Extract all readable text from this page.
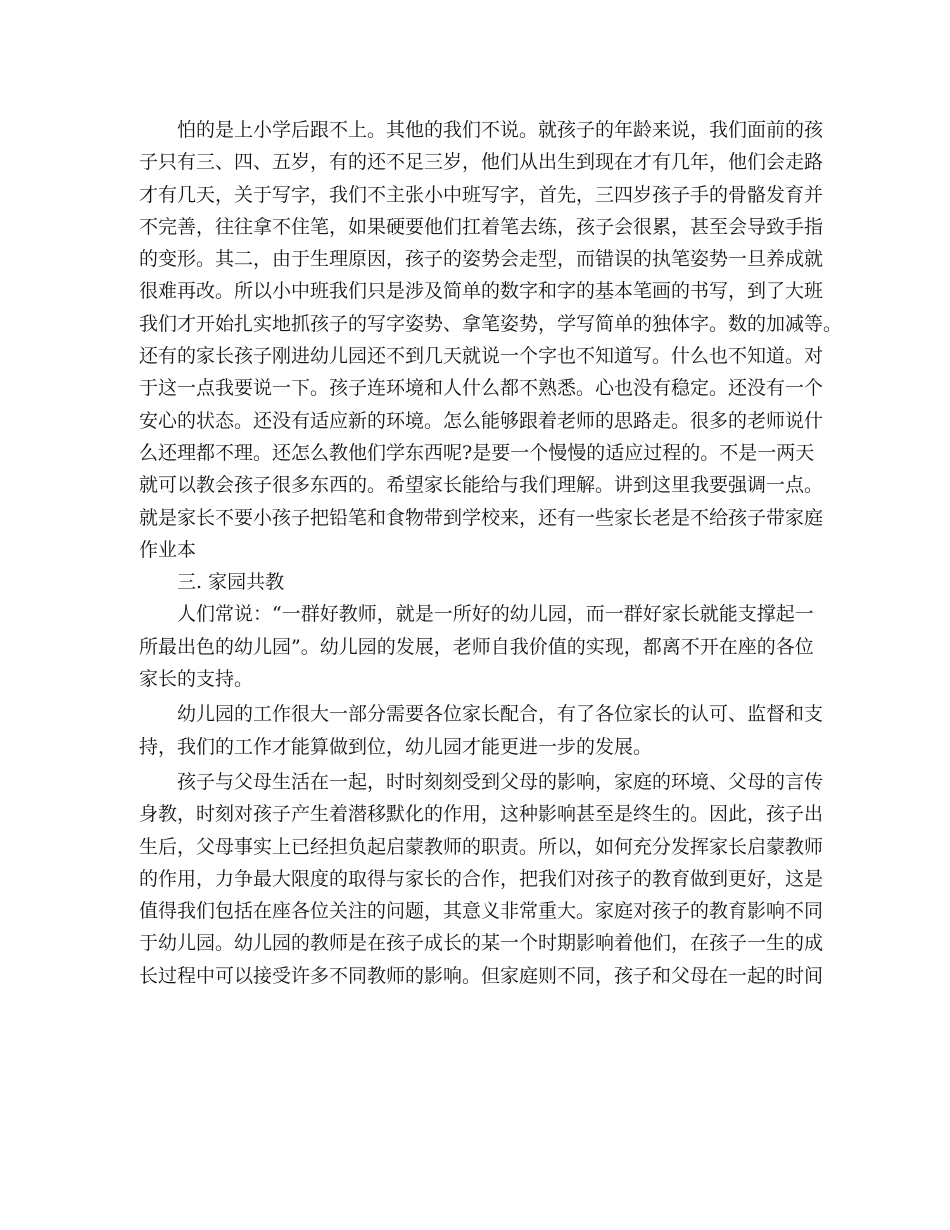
怕的是上小学后跟不上。其他的我们不说。就孩子的年龄来说，我们面前的孩
子只有三、四、五岁，有的还不足三岁，他们从出生到现在才有几年，他们会走路
才有几天，关于写字，我们不主张小中班写字，首先，三四岁孩子手的骨骼发育并
不完善，往往拿不住笔，如果硬要他们扛着笔去练，孩子会很累，甚至会导致手指
的变形。其二，由于生理原因，孩子的姿势会走型，而错误的执笔姿势一旦养成就
很难再改。所以小中班我们只是涉及简单的数字和字的基本笔画的书写，到了大班
我们才开始扎实地抓孩子的写字姿势、拿笔姿势，学写简单的独体字。数的加减等。
还有的家长孩子刚进幼儿园还不到几天就说一个字也不知道写。什么也不知道。对
于这一点我要说一下。孩子连环境和人什么都不熟悉。心也没有稳定。还没有一个
安心的状态。还没有适应新的环境。怎么能够跟着老师的思路走。很多的老师说什
么还理都不理。还怎么教他们学东西呢?是要一个慢慢的适应过程的。不是一两天
就可以教会孩子很多东西的。希望家长能给与我们理解。讲到这里我要强调一点。
就是家长不要小孩子把铅笔和食物带到学校来，还有一些家长老是不给孩子带家庭
作业本
三. 家园共教
人们常说：“一群好教师，就是一所好的幼儿园，而一群好家长就能支撑起一
所最出色的幼儿园”。幼儿园的发展，老师自我价值的实现，都离不开在座的各位
家长的支持。
幼儿园的工作很大一部分需要各位家长配合，有了各位家长的认可、监督和支
持，我们的工作才能算做到位，幼儿园才能更进一步的发展。
孩子与父母生活在一起，时时刻刻受到父母的影响，家庭的环境、父母的言传
身教，时刻对孩子产生着潜移默化的作用，这种影响甚至是终生的。因此，孩子出
生后，父母事实上已经担负起启蒙教师的职责。所以，如何充分发挥家长启蒙教师
的作用，力争最大限度的取得与家长的合作，把我们对孩子的教育做到更好，这是
值得我们包括在座各位关注的问题，其意义非常重大。家庭对孩子的教育影响不同
于幼儿园。幼儿园的教师是在孩子成长的某一个时期影响着他们，在孩子一生的成
长过程中可以接受许多不同教师的影响。但家庭则不同，孩子和父母在一起的时间
